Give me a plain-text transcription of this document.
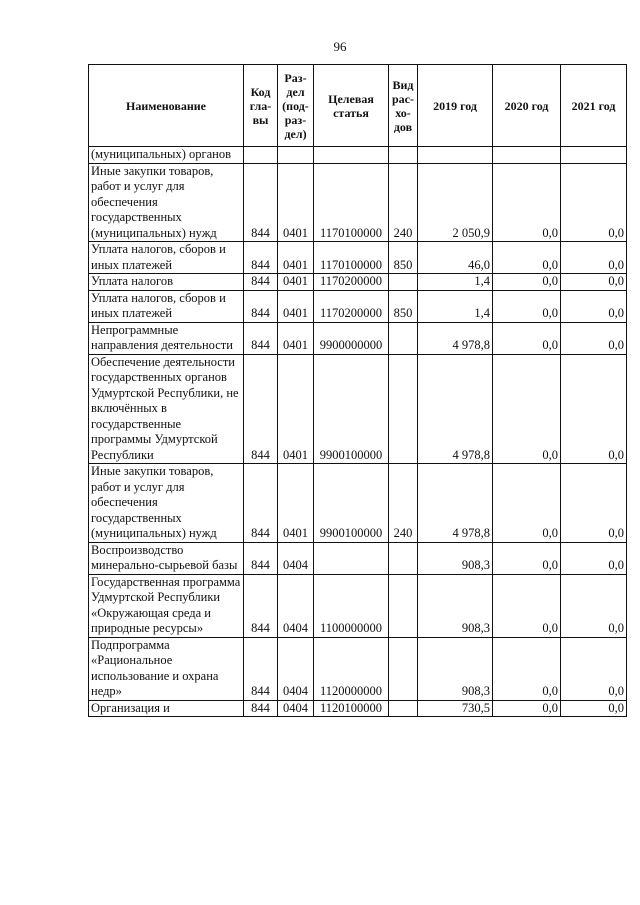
96
Наименование	Код гла-вы	Раз-дел (под-раз-дел)	Целевая статья	Вид рас-хо-дов	2019 год	2020 год	2021 год
(муниципальных) органов							
Иные закупки товаров, работ и услуг для обеспечения государственных (муниципальных) нужд	844	0401	1170100000	240	2 050,9	0,0	0,0
Уплата налогов, сборов и иных платежей	844	0401	1170100000	850	46,0	0,0	0,0
Уплата налогов	844	0401	1170200000		1,4	0,0	0,0
Уплата налогов, сборов и иных платежей	844	0401	1170200000	850	1,4	0,0	0,0
Непрограммные направления деятельности	844	0401	9900000000		4 978,8	0,0	0,0
Обеспечение деятельности государственных органов Удмуртской Республики, не включённых в государственные программы Удмуртской Республики	844	0401	9900100000		4 978,8	0,0	0,0
Иные закупки товаров, работ и услуг для обеспечения государственных (муниципальных) нужд	844	0401	9900100000	240	4 978,8	0,0	0,0
Воспроизводство минерально-сырьевой базы	844	0404			908,3	0,0	0,0
Государственная программа Удмуртской Республики «Окружающая среда и природные ресурсы»	844	0404	1100000000		908,3	0,0	0,0
Подпрограмма «Рациональное использование и охрана недр»	844	0404	1120000000		908,3	0,0	0,0
Организация и	844	0404	1120100000		730,5	0,0	0,0
